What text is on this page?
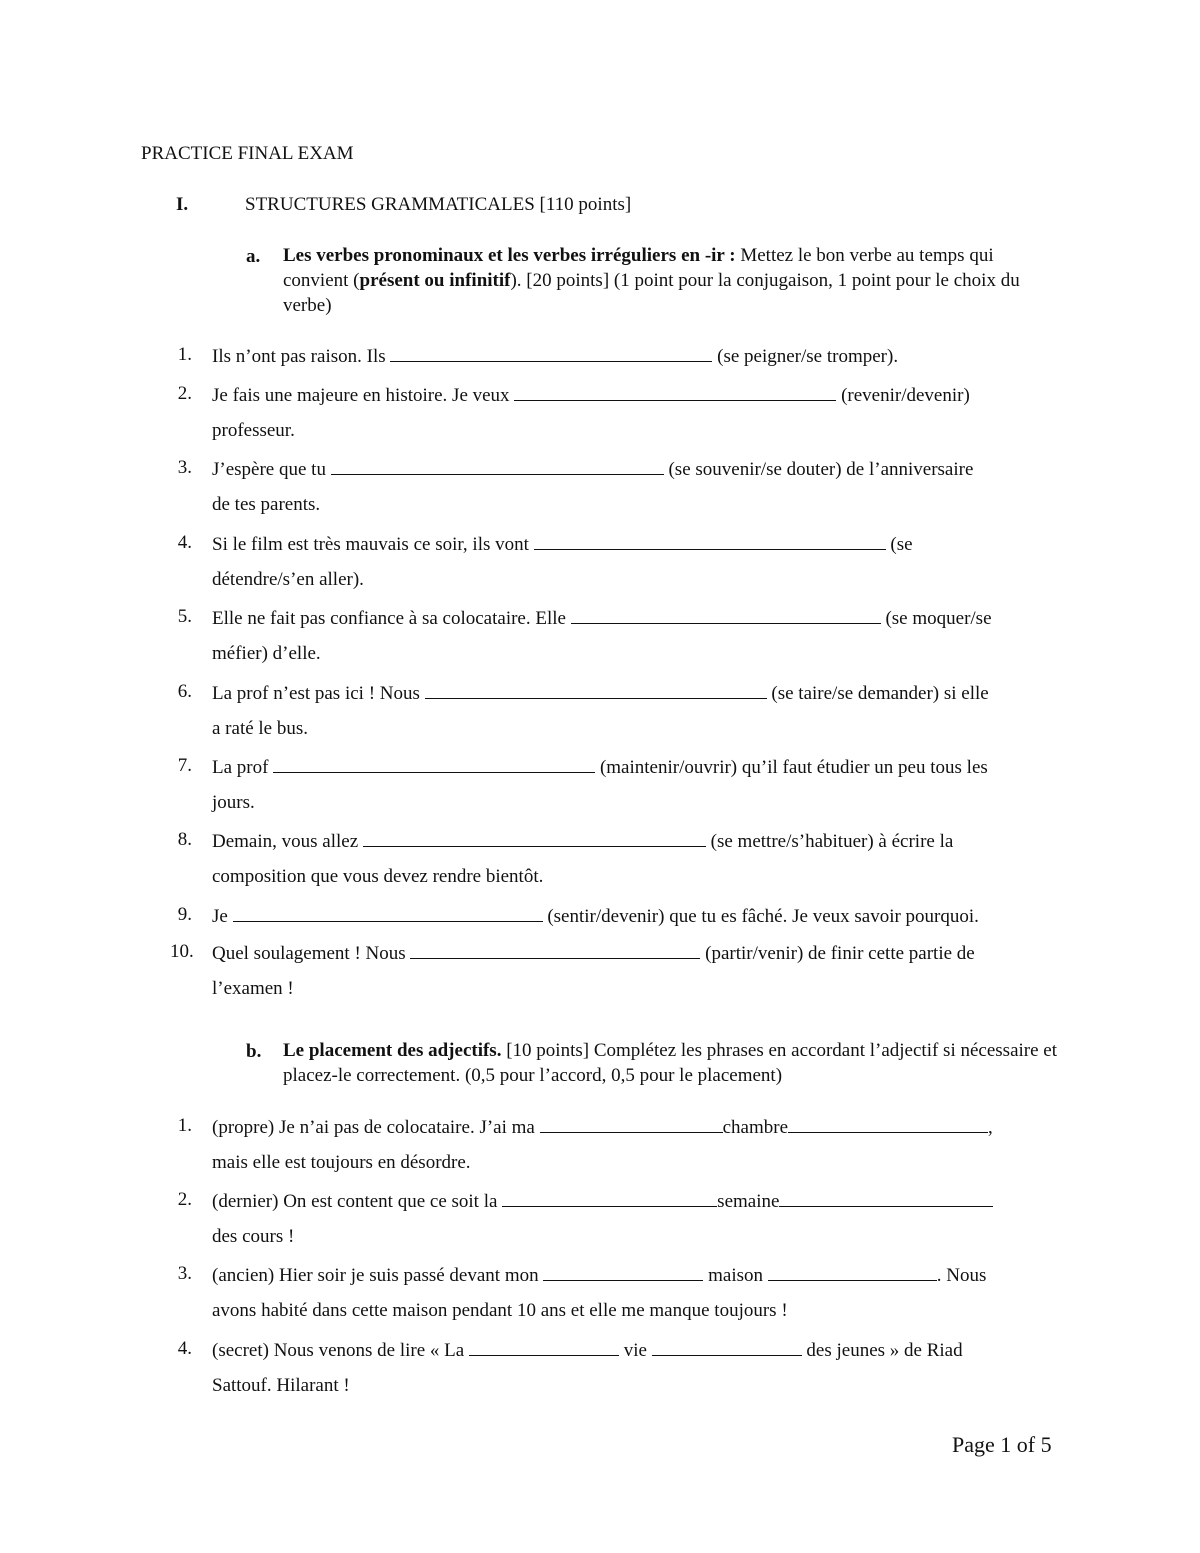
PRACTICE FINAL EXAM
I.	STRUCTURES GRAMMATICALES [110 points]
a. Les verbes pronominaux et les verbes irréguliers en -ir : Mettez le bon verbe au temps qui convient (présent ou infinitif). [20 points] (1 point pour la conjugaison, 1 point pour le choix du verbe)
1. Ils n’ont pas raison. Ils	(se peigner/se tromper).
2. Je fais une majeure en histoire. Je veux	(revenir/devenir)
professeur.
3. J’espère que tu	(se souvenir/se douter) de l’anniversaire
de tes parents.
4. Si le film est très mauvais ce soir, ils vont	(se
détendre/s’en aller).
5. Elle ne fait pas confiance à sa colocataire. Elle	(se moquer/se
méfier) d’elle.
6. La prof n’est pas ici ! Nous	(se taire/se demander) si elle
a raté le bus.
7. La prof	(maintenir/ouvrir) qu’il faut étudier un peu tous les
jours.
8. Demain, vous allez	(se mettre/s’habituer) à écrire la
composition que vous devez rendre bientôt.
9. Je	(sentir/devenir) que tu es fâché. Je veux savoir pourquoi.
10. Quel soulagement ! Nous	(partir/venir) de finir cette partie de
l’examen !
b. Le placement des adjectifs. [10 points] Complétez les phrases en accordant l’adjectif si nécessaire et placez-le correctement. (0,5 pour l’accord, 0,5 pour le placement)
1. (propre) Je n’ai pas de colocataire. J’ai ma	chambre	,
mais elle est toujours en désordre.
2. (dernier) On est content que ce soit la	semaine
des cours !
3. (ancien) Hier soir je suis passé devant mon	maison	. Nous
avons habité dans cette maison pendant 10 ans et elle me manque toujours !
4. (secret) Nous venons de lire « La	vie	des jeunes » de Riad
Sattouf. Hilarant !
Page 1 of 5
